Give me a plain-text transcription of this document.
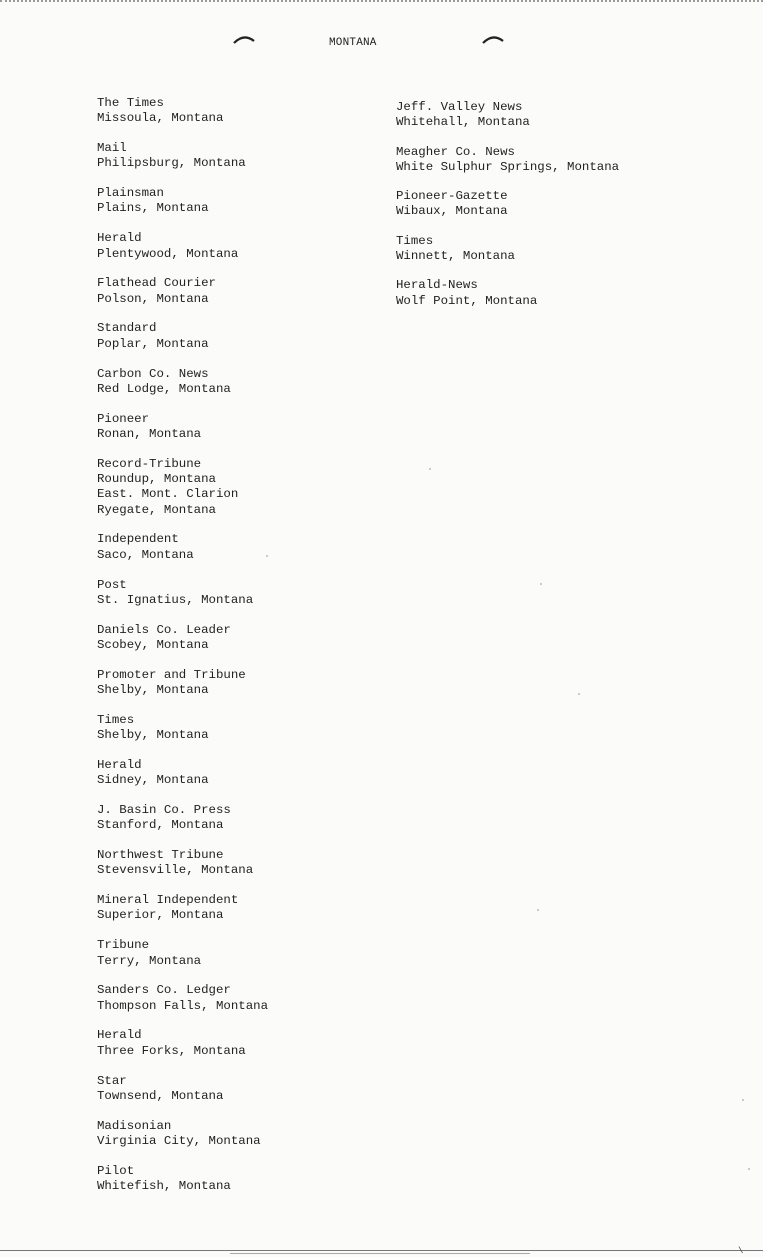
MONTANA
The Times
Missoula, Montana
Mail
Philipsburg, Montana
Plainsman
Plains, Montana
Herald
Plentywood, Montana
Flathead Courier
Polson, Montana
Standard
Poplar, Montana
Carbon Co. News
Red Lodge, Montana
Pioneer
Ronan, Montana
Record-Tribune
Roundup, Montana
East. Mont. Clarion
Ryegate, Montana
Independent
Saco, Montana
Post
St. Ignatius, Montana
Daniels Co. Leader
Scobey, Montana
Promoter and Tribune
Shelby, Montana
Times
Shelby, Montana
Herald
Sidney, Montana
J. Basin Co. Press
Stanford, Montana
Northwest Tribune
Stevensville, Montana
Mineral Independent
Superior, Montana
Tribune
Terry, Montana
Sanders Co. Ledger
Thompson Falls, Montana
Herald
Three Forks, Montana
Star
Townsend, Montana
Madisonian
Virginia City, Montana
Pilot
Whitefish, Montana
Jeff. Valley News
Whitehall, Montana
Meagher Co. News
White Sulphur Springs, Montana
Pioneer-Gazette
Wibaux, Montana
Times
Winnett, Montana
Herald-News
Wolf Point, Montana
\
